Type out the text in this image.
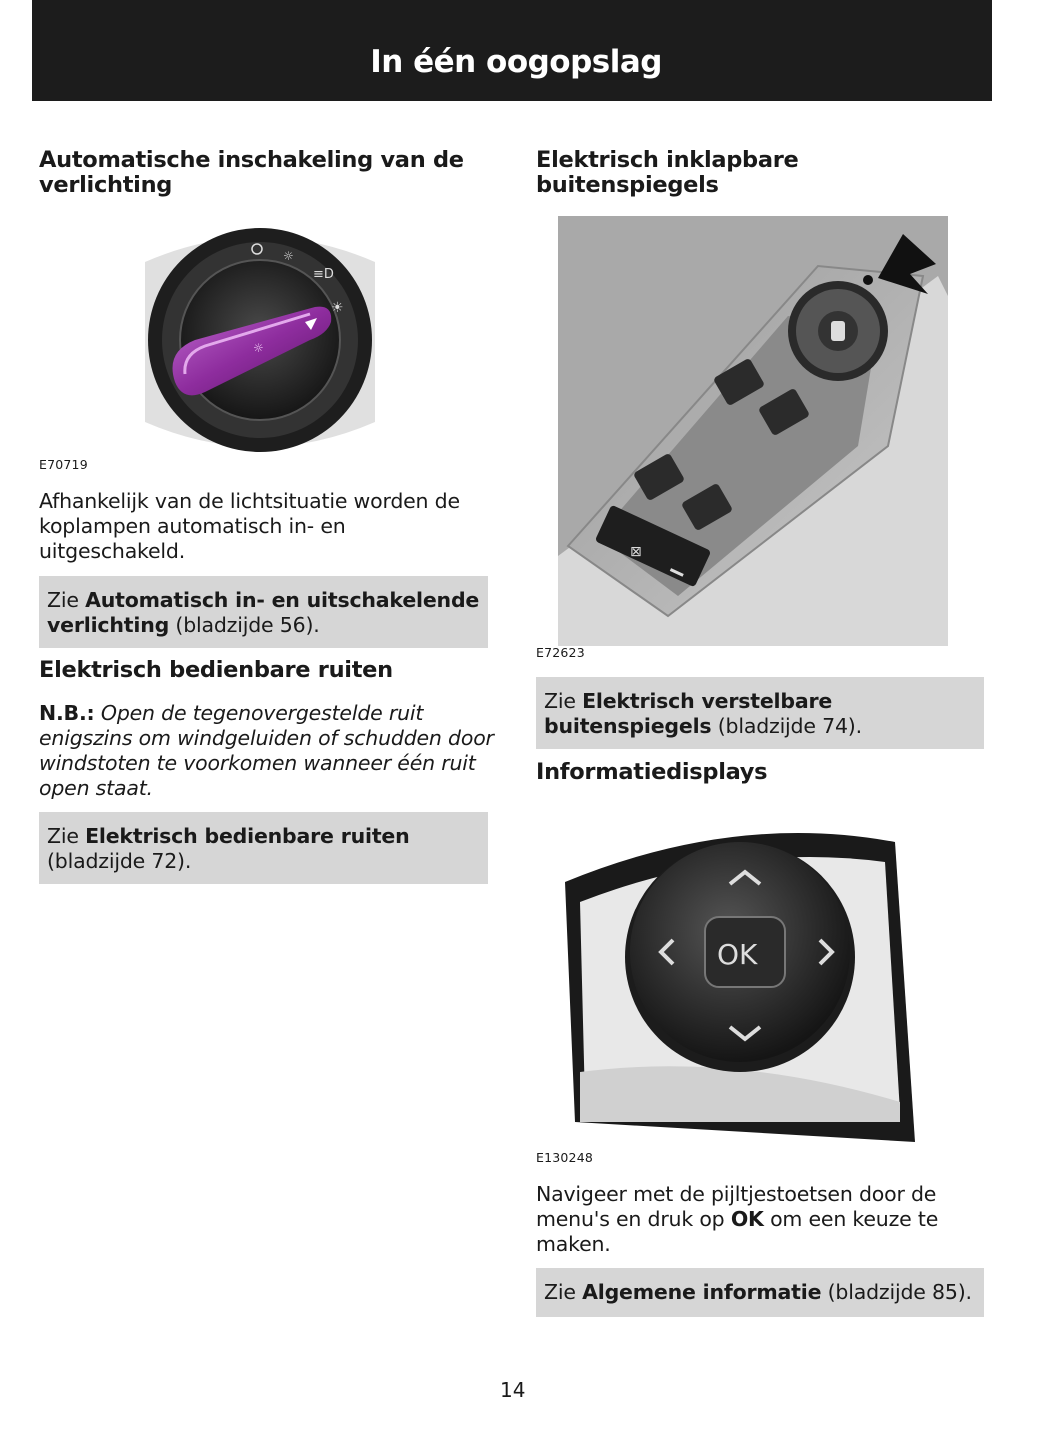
In één oogopslag
Automatische inschakeling van de verlichting
☼
≡D
☀
☼
E70719

Afhankelijk van de lichtsituatie worden de koplampen automatisch in- en uitgeschakeld.

Zie Automatisch in- en uitschakelende verlichting (bladzijde 56).
Elektrisch bedienbare ruiten

N.B.: Open de tegenovergestelde ruit enigszins om windgeluiden of schudden door windstoten te voorkomen wanneer één ruit open staat.

Zie Elektrisch bedienbare ruiten (bladzijde 72).
Elektrisch inklapbare buitenspiegels
⊠
E72623
Zie Elektrisch verstelbare buitenspiegels (bladzijde 74).
Informatiedisplays
OK
E130248

Navigeer met de pijltjestoetsen door de menu's en druk op OK om een keuze te maken.

Zie Algemene informatie (bladzijde 85).
14
